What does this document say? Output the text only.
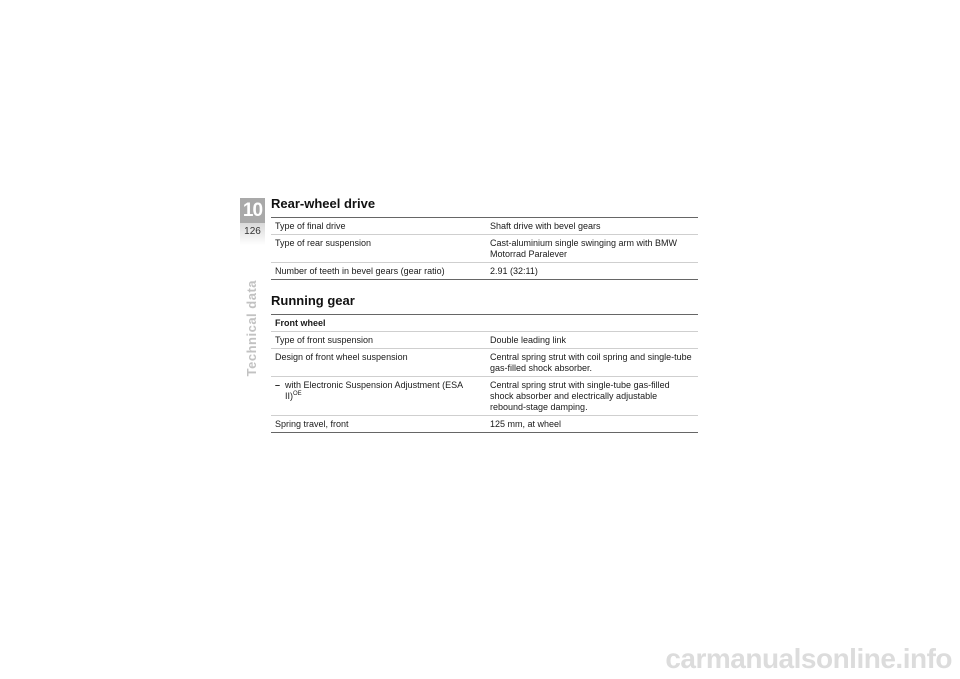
10
126
Technical data
Rear-wheel drive
Type of final drive	Shaft drive with bevel gears
Type of rear suspension	Cast-aluminium single swinging arm with BMW Motorrad Paralever
Number of teeth in bevel gears (gear ratio)	2.91 (32:11)
Running gear
Front wheel	
Type of front suspension	Double leading link
Design of front wheel suspension	Central spring strut with coil spring and single-tube gas-filled shock absorber.

– with Electronic Suspension Adjustment (ESA II)$^{OE}$	Central spring strut with single-tube gas-filled shock absorber and electrically adjustable rebound-stage damping.
Spring travel, front	125 mm, at wheel
carmanualsonline.info
